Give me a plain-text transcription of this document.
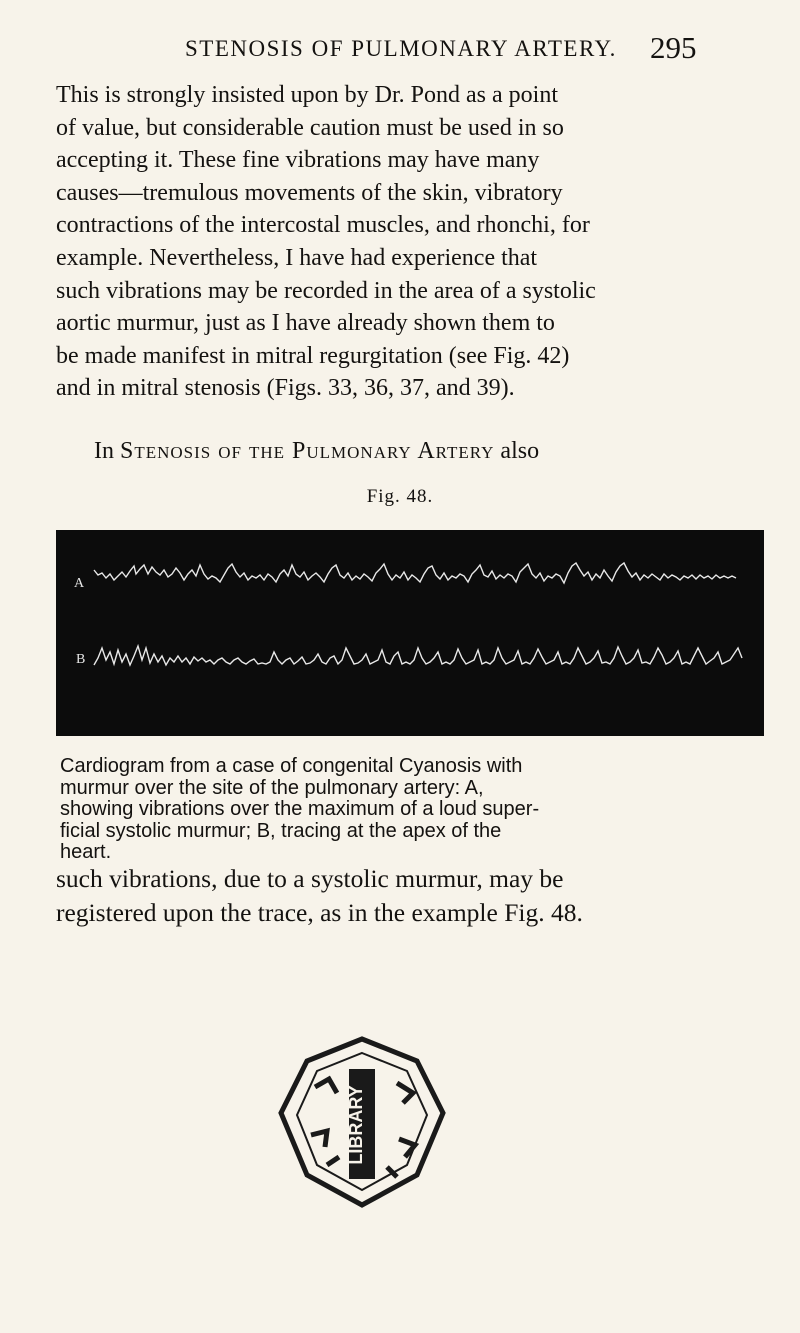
STENOSIS OF PULMONARY ARTERY. 295
This is strongly insisted upon by Dr. Pond as a point
of value, but considerable caution must be used in so
accepting it. These fine vibrations may have many
causes—tremulous movements of the skin, vibratory
contractions of the intercostal muscles, and rhonchi, for
example. Nevertheless, I have had experience that
such vibrations may be recorded in the area of a systolic
aortic murmur, just as I have already shown them to
be made manifest in mitral regurgitation (see Fig. 42)
and in mitral stenosis (Figs. 33, 36, 37, and 39).
In Stenosis of the Pulmonary Artery also
Fig. 48.
A
B
Cardiogram from a case of congenital Cyanosis with
murmur over the site of the pulmonary artery: A,
showing vibrations over the maximum of a loud super-
ficial systolic murmur; B, tracing at the apex of the
heart.
such vibrations, due to a systolic murmur, may be
registered upon the trace, as in the example Fig. 48.
LIBRARY
